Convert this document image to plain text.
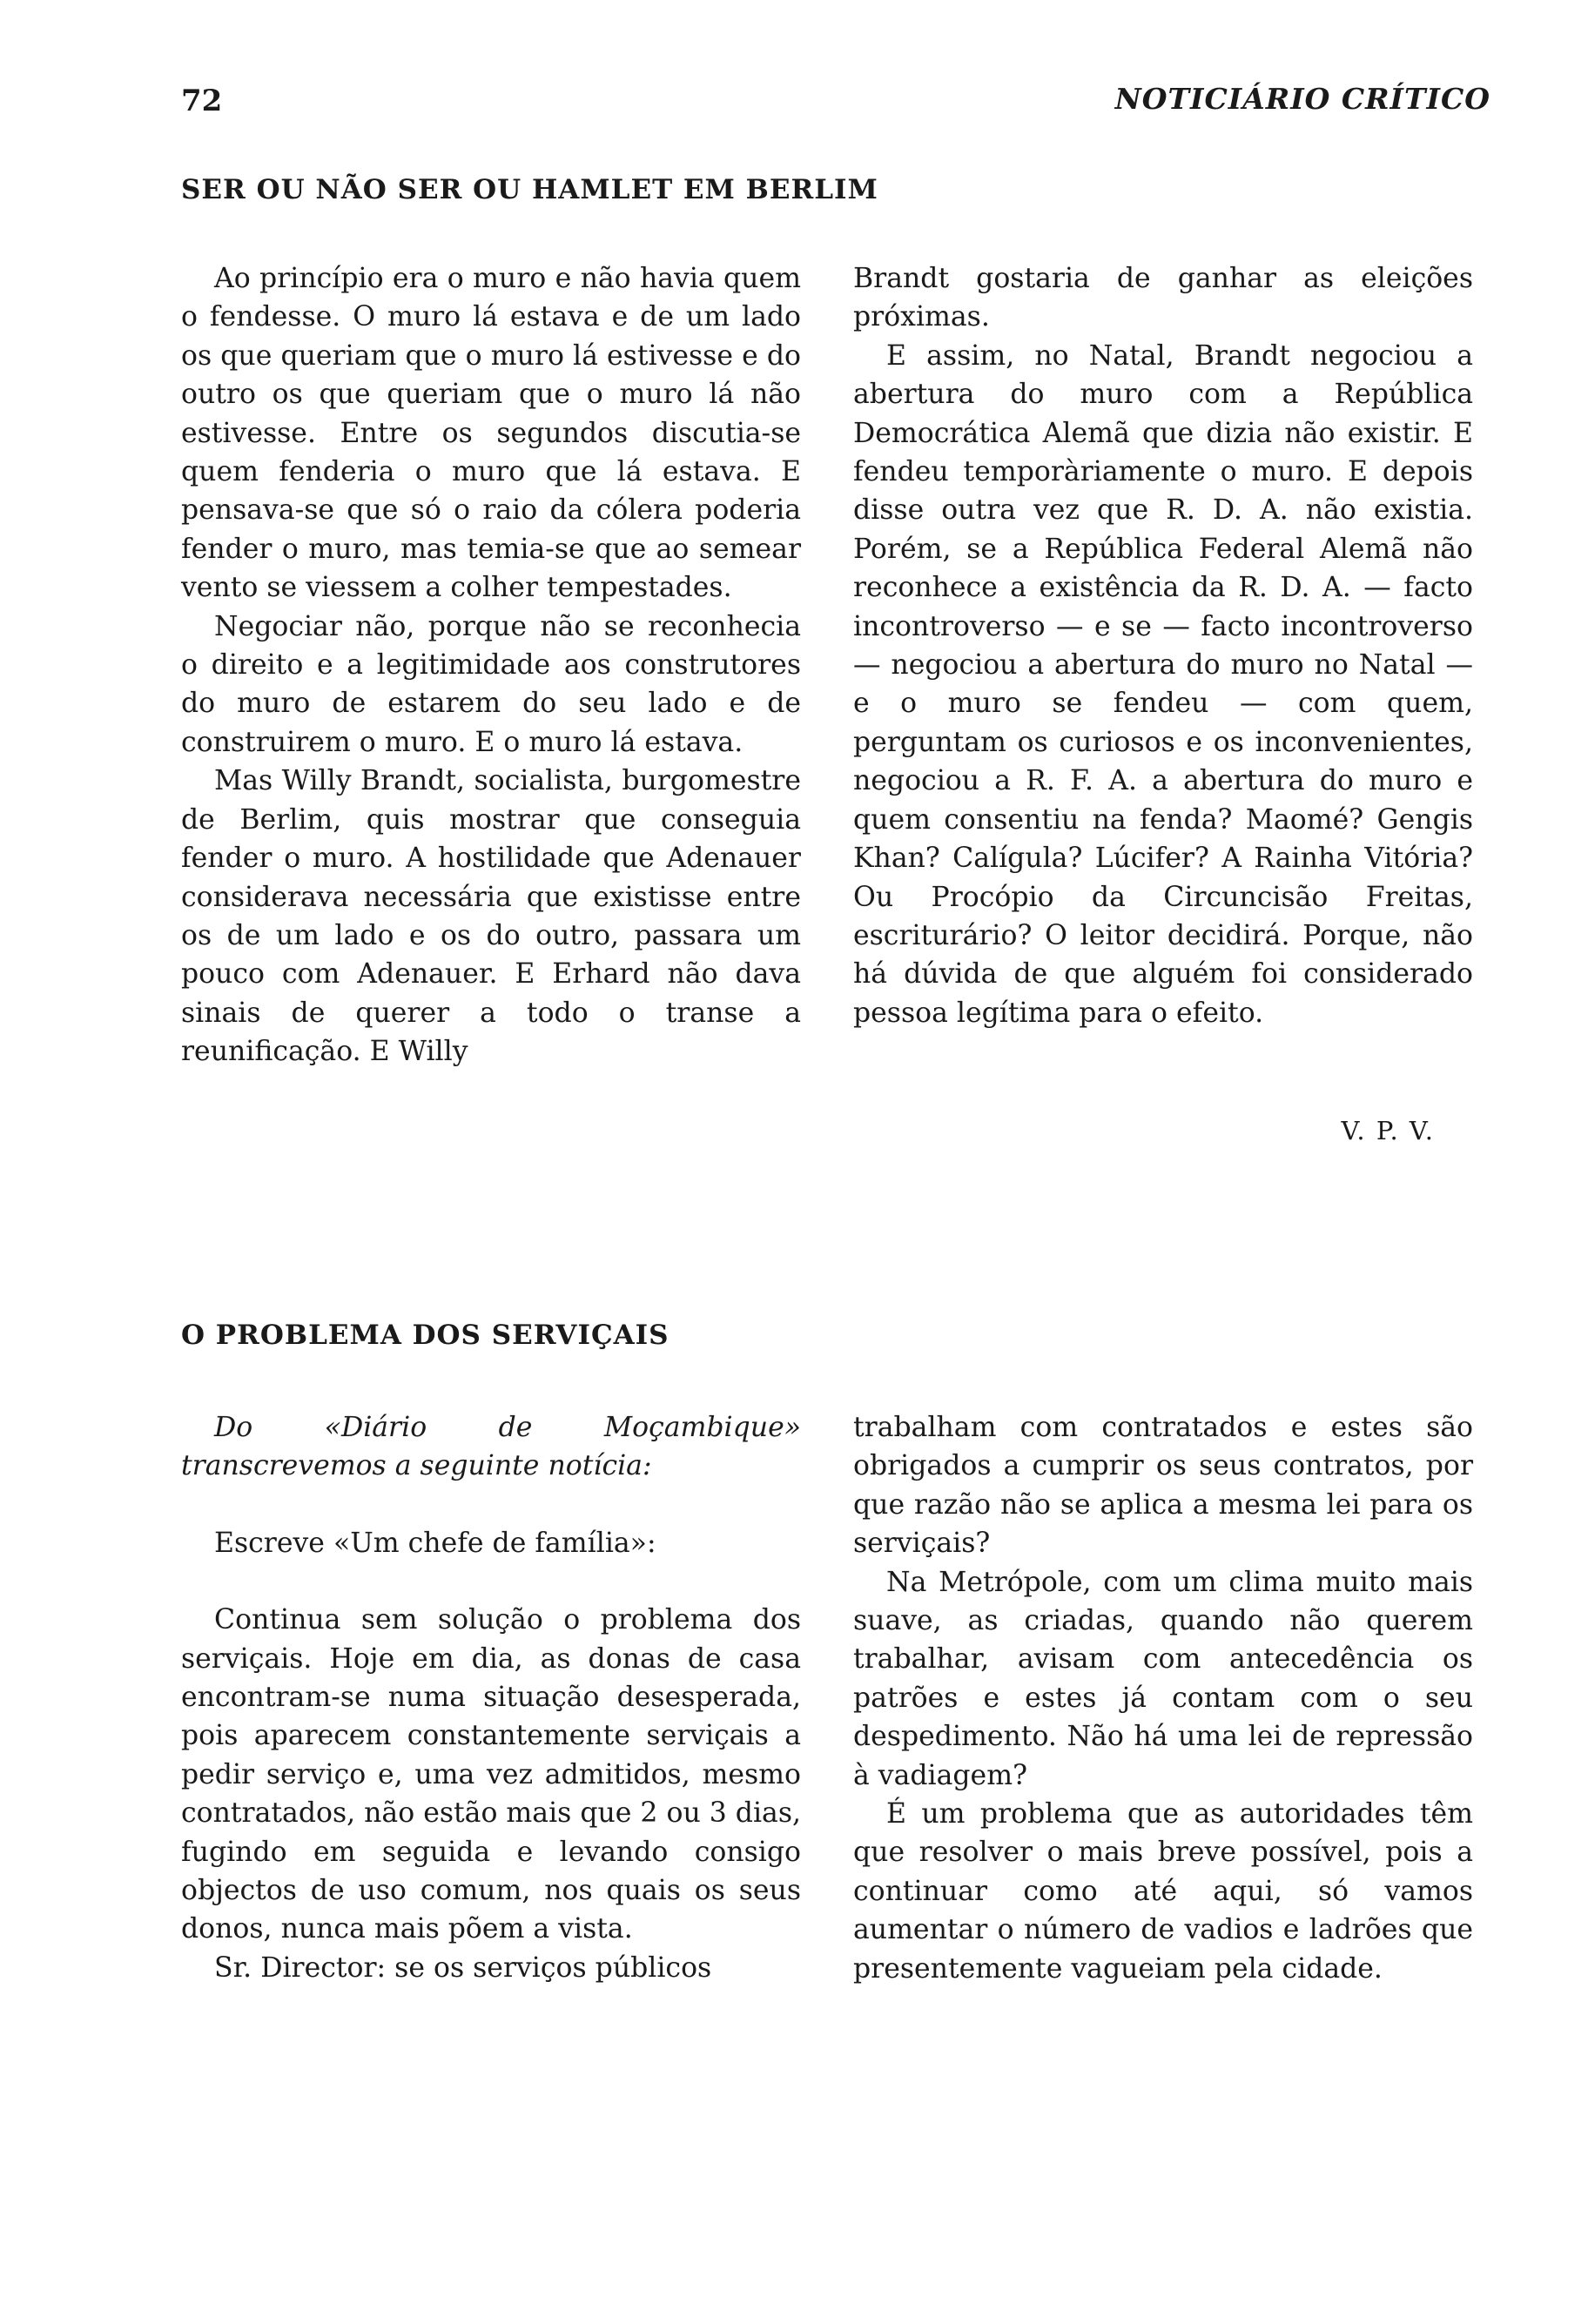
72	NOTICIÁRIO CRÍTICO
SER OU NÃO SER OU HAMLET EM BERLIM

Ao princípio era o muro e não havia quem o fendesse. O muro lá estava e de um lado os que queriam que o muro lá estivesse e do outro os que queriam que o muro lá não estivesse. Entre os segundos discutia-se quem fenderia o muro que lá estava. E pensava-se que só o raio da cólera poderia fender o muro, mas temia-se que ao semear vento se viessem a colher tempestades.

Negociar não, porque não se reconhecia o direito e a legitimidade aos construtores do muro de estarem do seu lado e de construirem o muro. E o muro lá estava.

Mas Willy Brandt, socialista, burgomestre de Berlim, quis mostrar que conseguia fender o muro. A hostilidade que Adenauer considerava necessária que existisse entre os de um lado e os do outro, passara um pouco com Adenauer. E Erhard não dava sinais de querer a todo o transe a reunificação. E Willy

Brandt gostaria de ganhar as eleições próximas.

E assim, no Natal, Brandt negociou a abertura do muro com a República Democrática Alemã que dizia não existir. E fendeu temporàriamente o muro. E depois disse outra vez que R. D. A. não existia. Porém, se a República Federal Alemã não reconhece a existência da R. D. A. — facto incontroverso — e se — facto incontroverso — negociou a abertura do muro no Natal — e o muro se fendeu — com quem, perguntam os curiosos e os inconvenientes, negociou a R. F. A. a abertura do muro e quem consentiu na fenda? Maomé? Gengis Khan? Calígula? Lúcifer? A Rainha Vitória? Ou Procópio da Circuncisão Freitas, escriturário? O leitor decidirá. Porque, não há dúvida de que alguém foi considerado pessoa legítima para o efeito.

V. P. V.
O PROBLEMA DOS SERVIÇAIS

Do «Diário de Moçambique» transcrevemos a seguinte notícia:

Escreve «Um chefe de família»:

Continua sem solução o problema dos serviçais. Hoje em dia, as donas de casa encontram-se numa situação desesperada, pois aparecem constantemente serviçais a pedir serviço e, uma vez admitidos, mesmo contratados, não estão mais que 2 ou 3 dias, fugindo em seguida e levando consigo objectos de uso comum, nos quais os seus donos, nunca mais põem a vista.

Sr. Director: se os serviços públicos

trabalham com contratados e estes são obrigados a cumprir os seus contratos, por que razão não se aplica a mesma lei para os serviçais?

Na Metrópole, com um clima muito mais suave, as criadas, quando não querem trabalhar, avisam com antecedência os patrões e estes já contam com o seu despedimento. Não há uma lei de repressão à vadiagem?

É um problema que as autoridades têm que resolver o mais breve possível, pois a continuar como até aqui, só vamos aumentar o número de vadios e ladrões que presentemente vagueiam pela cidade.
